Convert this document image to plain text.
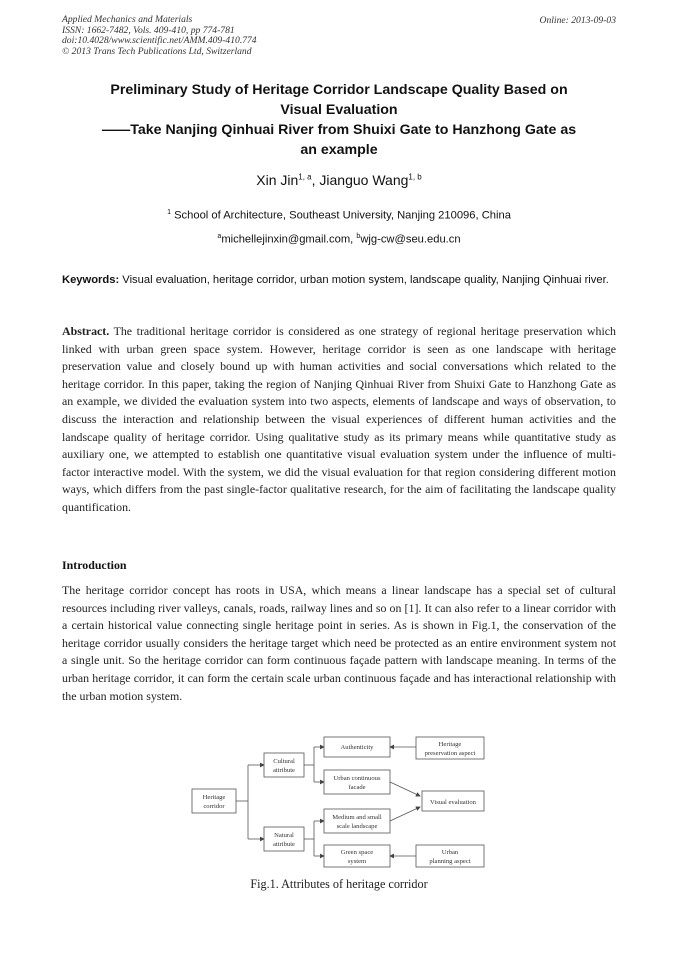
Applied Mechanics and Materials
ISSN: 1662-7482, Vols. 409-410, pp 774-781
doi:10.4028/www.scientific.net/AMM.409-410.774
© 2013 Trans Tech Publications Ltd, Switzerland
Online: 2013-09-03
Preliminary Study of Heritage Corridor Landscape Quality Based on
Visual Evaluation
——Take Nanjing Qinhuai River from Shuixi Gate to Hanzhong Gate as
an example
Xin Jin$^{1, a}$, Jianguo Wang$^{1, b}$
$^1$ School of Architecture, Southeast University, Nanjing 210096, China
$^a$michellejinxin@gmail.com, $^b$wjg-cw@seu.edu.cn
Keywords: Visual evaluation, heritage corridor, urban motion system, landscape quality, Nanjing Qinhuai river.
Abstract. The traditional heritage corridor is considered as one strategy of regional heritage preservation which linked with urban green space system. However, heritage corridor is seen as one landscape with heritage preservation value and closely bound up with human activities and social conversations which related to the heritage corridor. In this paper, taking the region of Nanjing Qinhuai River from Shuixi Gate to Hanzhong Gate as an example, we divided the evaluation system into two aspects, elements of landscape and ways of observation, to discuss the interaction and relationship between the visual experiences of different human activities and the landscape quality of heritage corridor. Using qualitative study as its primary means while quantitative study as auxiliary one, we attempted to establish one quantitative visual evaluation system under the influence of multi-factor interactive model. With the system, we did the visual evaluation for that region considering different motion ways, which differs from the past single-factor qualitative research, for the aim of facilitating the landscape quality quantification.
Introduction
The heritage corridor concept has roots in USA, which means a linear landscape has a special set of cultural resources including river valleys, canals, roads, railway lines and so on [1]. It can also refer to a linear corridor with a certain historical value connecting single heritage point in series. As is shown in Fig.1, the conservation of the heritage corridor usually considers the heritage target which need be protected as an entire environment system not a single unit. So the heritage corridor can form continuous façade pattern with landscape meaning. In terms of the urban heritage corridor, it can form the certain scale urban continuous façade and has interactional relationship with the urban motion system.
Heritage
corridor
Cultural
attribute
Natural
attribute
Authenticity
Urban continuous
facade
Medium and small
scale landscape
Green space
system
Heritage
preservation aspect
Visual evaluation
Urban
planning aspect
Fig.1. Attributes of heritage corridor
